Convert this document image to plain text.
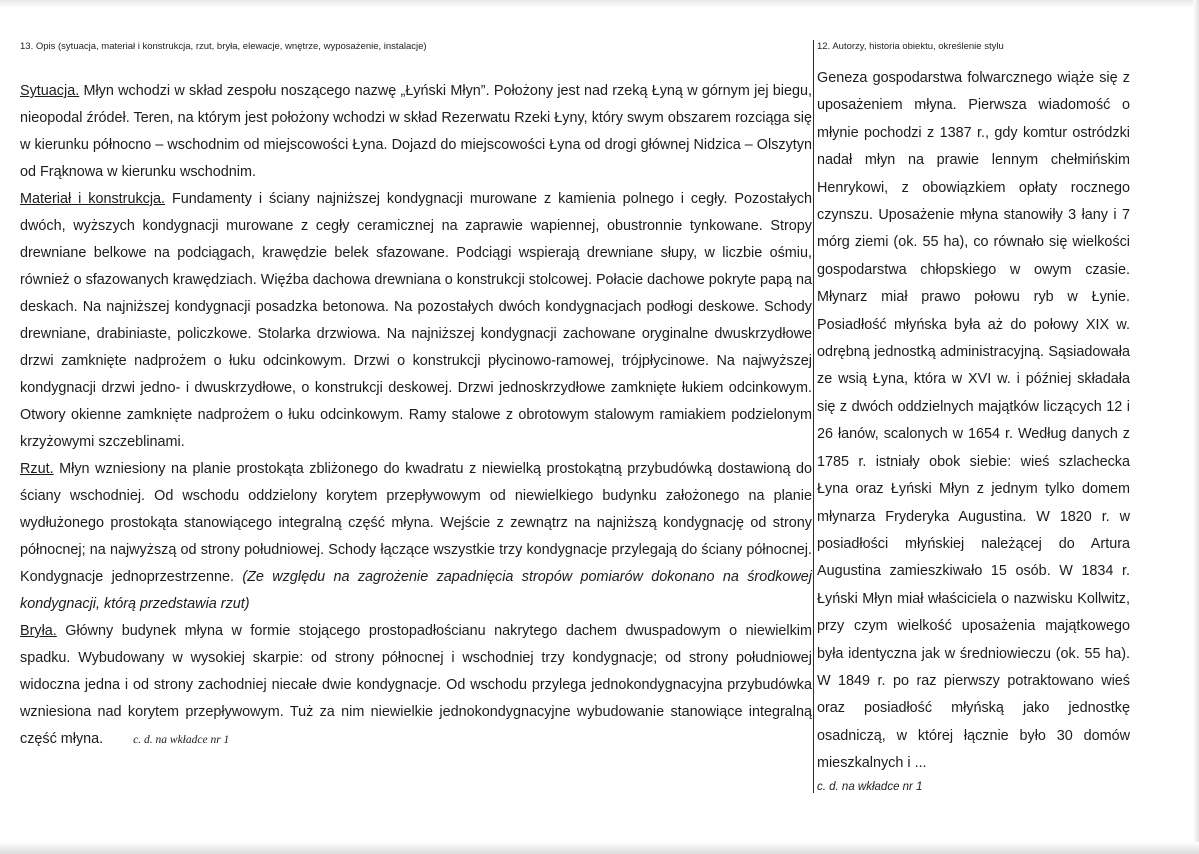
13. Opis (sytuacja, materiał i konstrukcja, rzut, bryła, elewacje, wnętrze, wyposażenie, instalacje)

Sytuacja. Młyn wchodzi w skład zespołu noszącego nazwę „Łyński Młyn”. Położony jest nad rzeką Łyną w górnym jej biegu, nieopodal źródeł. Teren, na którym jest położony wchodzi w skład Rezerwatu Rzeki Łyny, który swym obszarem rozciąga się w kierunku północno – wschodnim od miejscowości Łyna. Dojazd do miejscowości Łyna od drogi głównej Nidzica – Olszytyn od Frąknowa w kierunku wschodnim.

Materiał i konstrukcja. Fundamenty i ściany najniższej kondygnacji murowane z kamienia polnego i cegły. Pozostałych dwóch, wyższych kondygnacji murowane z cegły ceramicznej na zaprawie wapiennej, obustronnie tynkowane. Stropy drewniane belkowe na podciągach, krawędzie belek sfazowane. Podciągi wspierają drewniane słupy, w liczbie ośmiu, również o sfazowanych krawędziach. Więźba dachowa drewniana o konstrukcji stolcowej. Połacie dachowe pokryte papą na deskach. Na najniższej kondygnacji posadzka betonowa. Na pozostałych dwóch kondygnacjach podłogi deskowe. Schody drewniane, drabiniaste, policzkowe. Stolarka drzwiowa. Na najniższej kondygnacji zachowane oryginalne dwuskrzydłowe drzwi zamknięte nadprożem o łuku odcinkowym. Drzwi o konstrukcji płycinowo-ramowej, trójpłycinowe. Na najwyższej kondygnacji drzwi jedno- i dwuskrzydłowe, o konstrukcji deskowej. Drzwi jednoskrzydłowe zamknięte łukiem odcinkowym. Otwory okienne zamknięte nadprożem o łuku odcinkowym. Ramy stalowe z obrotowym stalowym ramiakiem podzielonym krzyżowymi szczeblinami.

Rzut. Młyn wzniesiony na planie prostokąta zbliżonego do kwadratu z niewielką prostokątną przybudówką dostawioną do ściany wschodniej. Od wschodu oddzielony korytem przepływowym od niewielkiego budynku założonego na planie wydłużonego prostokąta stanowiącego integralną część młyna. Wejście z zewnątrz na najniższą kondygnację od strony północnej; na najwyższą od strony południowej. Schody łączące wszystkie trzy kondygnacje przylegają do ściany północnej. Kondygnacje jednoprzestrzenne. (Ze względu na zagrożenie zapadnięcia stropów pomiarów dokonano na środkowej kondygnacji, którą przedstawia rzut)

Bryła. Główny budynek młyna w formie stojącego prostopadłościanu nakrytego dachem dwuspadowym o niewielkim spadku. Wybudowany w wysokiej skarpie: od strony północnej i wschodniej trzy kondygnacje; od strony południowej widoczna jedna i od strony zachodniej niecałe dwie kondygnacje. Od wschodu przylega jednokondygnacyjna przybudówka wzniesiona nad korytem przepływowym. Tuż za nim niewielkie jednokondygnacyjne wybudowanie stanowiące integralną część młyna.	c. d. na wkładce nr 1

12. Autorzy, historia obiektu, określenie stylu

Geneza gospodarstwa folwarcznego wiąże się z uposażeniem młyna. Pierwsza wiadomość o młynie pochodzi z 1387 r., gdy komtur ostródzki nadał młyn na prawie lennym chełmińskim Henrykowi, z obowiązkiem opłaty rocznego czynszu. Uposażenie młyna stanowiły 3 łany i 7 mórg ziemi (ok. 55 ha), co równało się wielkości gospodarstwa chłopskiego w owym czasie. Młynarz miał prawo połowu ryb w Łynie. Posiadłość młyńska była aż do połowy XIX w. odrębną jednostką administracyjną. Sąsiadowała ze wsią Łyna, która w XVI w. i później składała się z dwóch oddzielnych majątków liczących 12 i 26 łanów, scalonych w 1654 r. Według danych z 1785 r. istniały obok siebie: wieś szlachecka Łyna oraz Łyński Młyn z jednym tylko domem młynarza Fryderyka Augustina. W 1820 r. w posiadłości młyńskiej należącej do Artura Augustina zamieszkiwało 15 osób. W 1834 r. Łyński Młyn miał właściciela o nazwisku Kollwitz, przy czym wielkość uposażenia majątkowego była identyczna jak w średniowieczu (ok. 55 ha). W 1849 r. po raz pierwszy potraktowano wieś oraz posiadłość młyńską jako jednostkę osadniczą, w której łącznie było 30 domów mieszkalnych i ...

c. d. na wkładce nr 1
